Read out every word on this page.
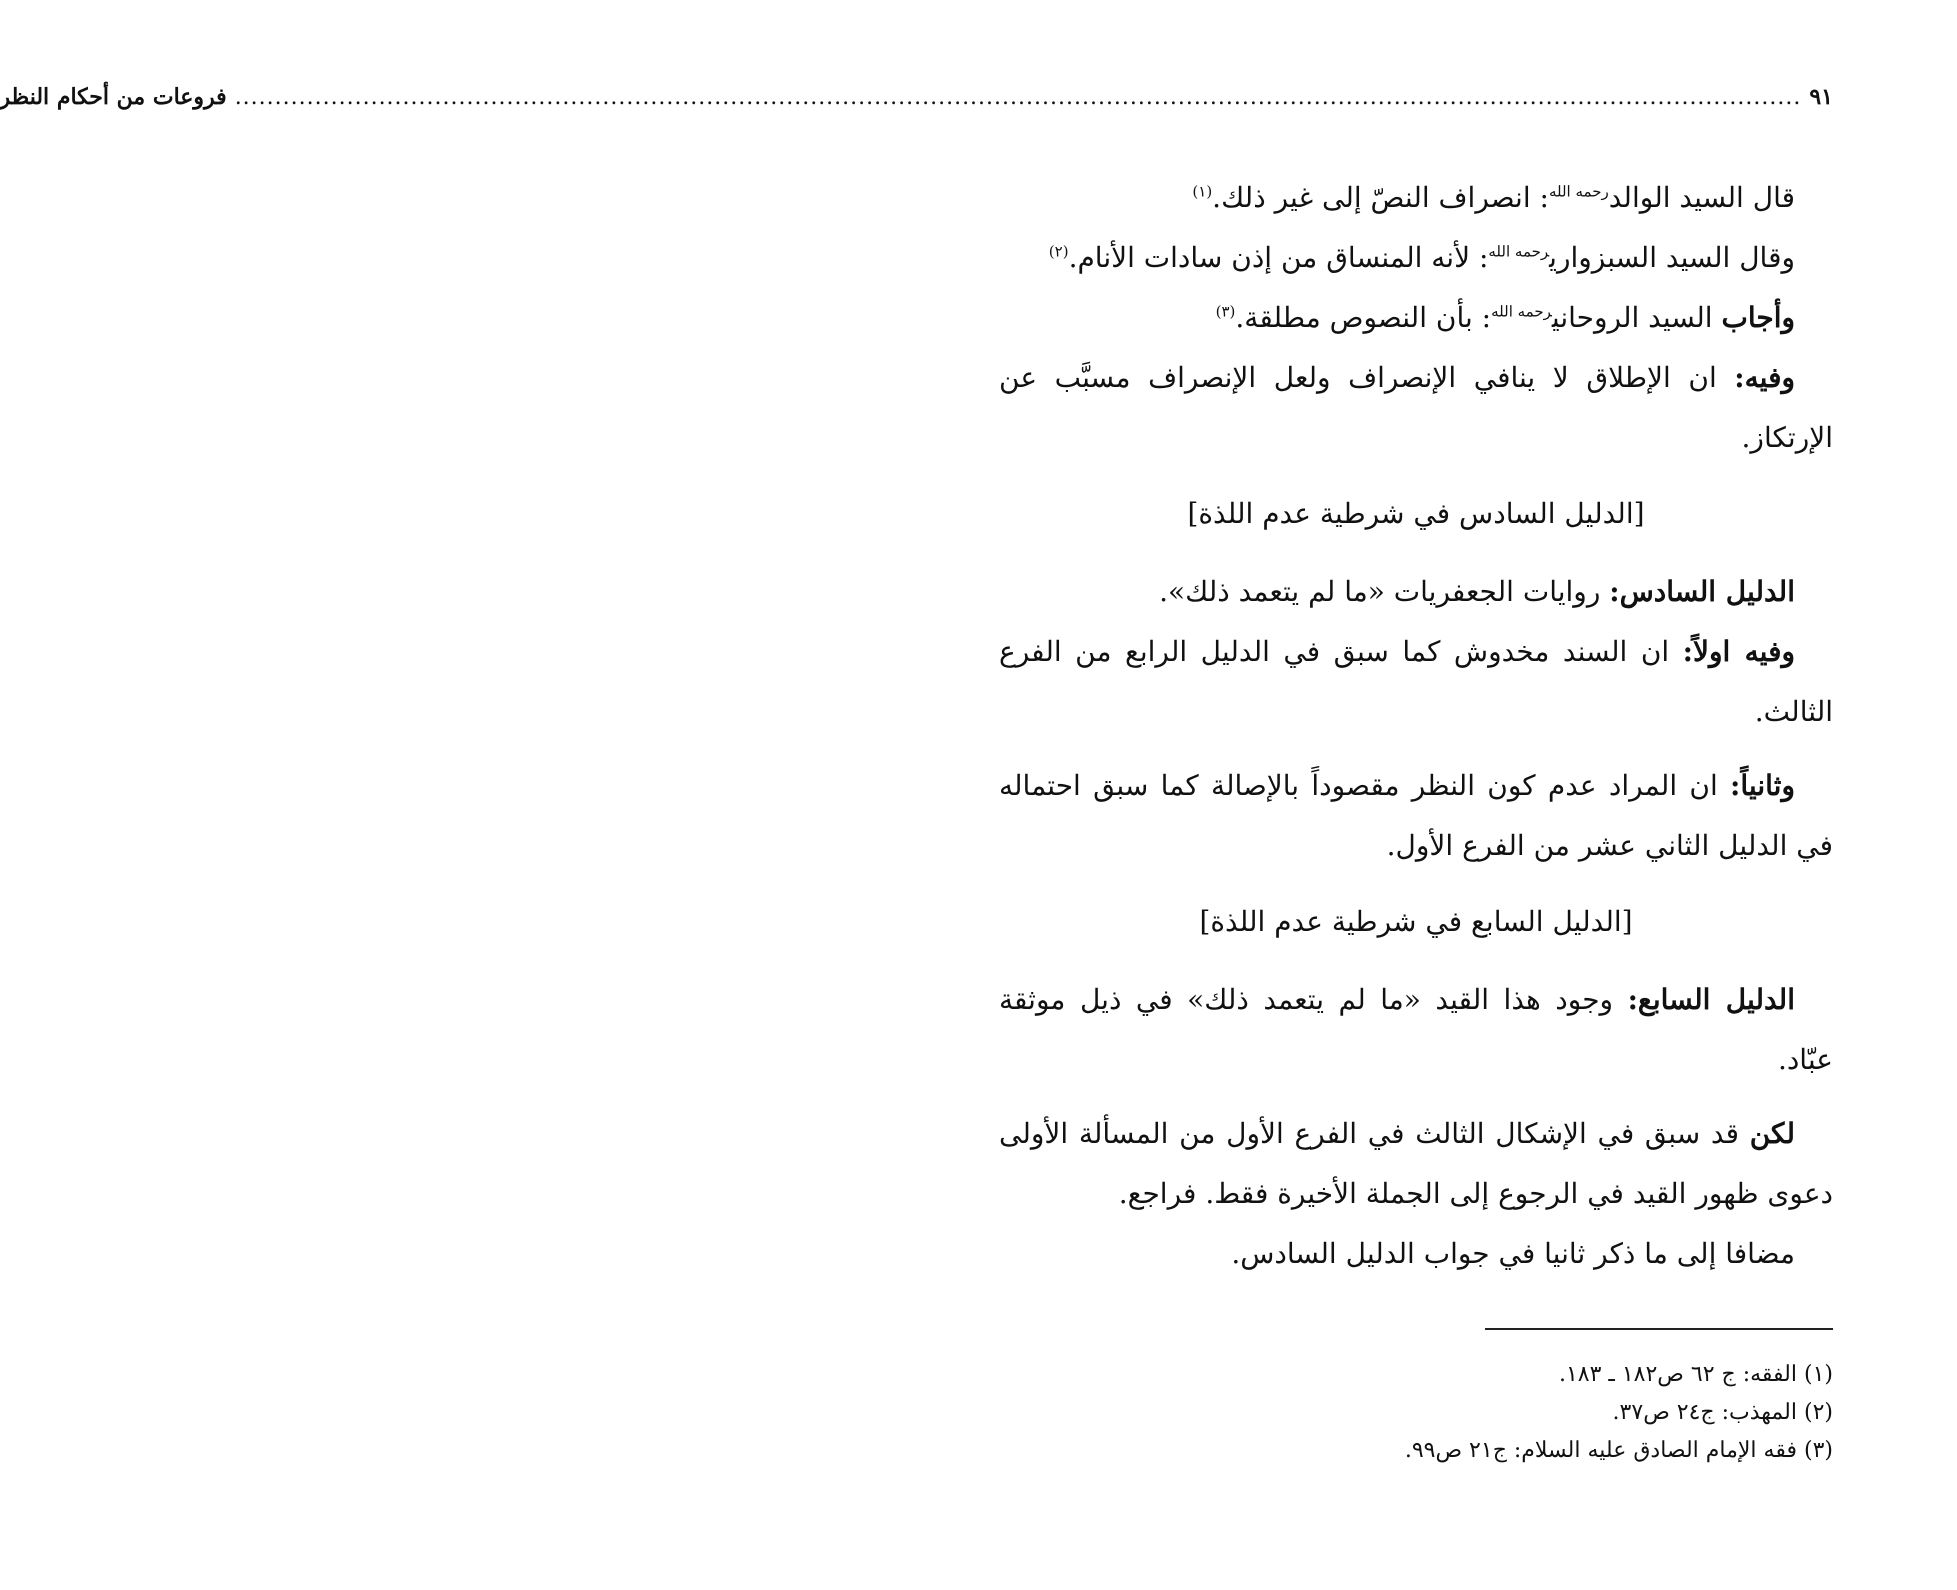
٩١
....................................................................................................................................................................................................
فروعات من أحكام النظر

قال السيد الوالد$^{رحمه الله}$: انصراف النصّ إلى غير ذلك.$^{(١)}$

وقال السيد السبزواري$^{رحمه الله}$: لأنه المنساق من إذن سادات الأنام.$^{(٢)}$

وأجاب السيد الروحاني$^{رحمه الله}$: بأن النصوص مطلقة.$^{(٣)}$

وفيه: ان الإطلاق لا ينافي الإنصراف ولعل الإنصراف مسبَّب عن الإرتكاز.

[الدليل السادس في شرطية عدم اللذة]

الدليل السادس: روايات الجعفريات «ما لم يتعمد ذلك».

وفيه اولاً: ان السند مخدوش كما سبق في الدليل الرابع من الفرع الثالث.

وثانياً: ان المراد عدم كون النظر مقصوداً بالإصالة كما سبق احتماله في الدليل الثاني عشر من الفرع الأول.

[الدليل السابع في شرطية عدم اللذة]

الدليل السابع: وجود هذا القيد «ما لم يتعمد ذلك» في ذيل موثقة عبّاد.

لكن قد سبق في الإشكال الثالث في الفرع الأول من المسألة الأولى دعوى ظهور القيد في الرجوع إلى الجملة الأخيرة فقط. فراجع.

مضافا إلى ما ذكر ثانيا في جواب الدليل السادس.

(١) الفقه: ج ٦٢ ص١٨٢ ـ ١٨٣.

(٢) المهذب: ج٢٤ ص٣٧.

(٣) فقه الإمام الصادق عليه السلام: ج٢١ ص٩٩.
